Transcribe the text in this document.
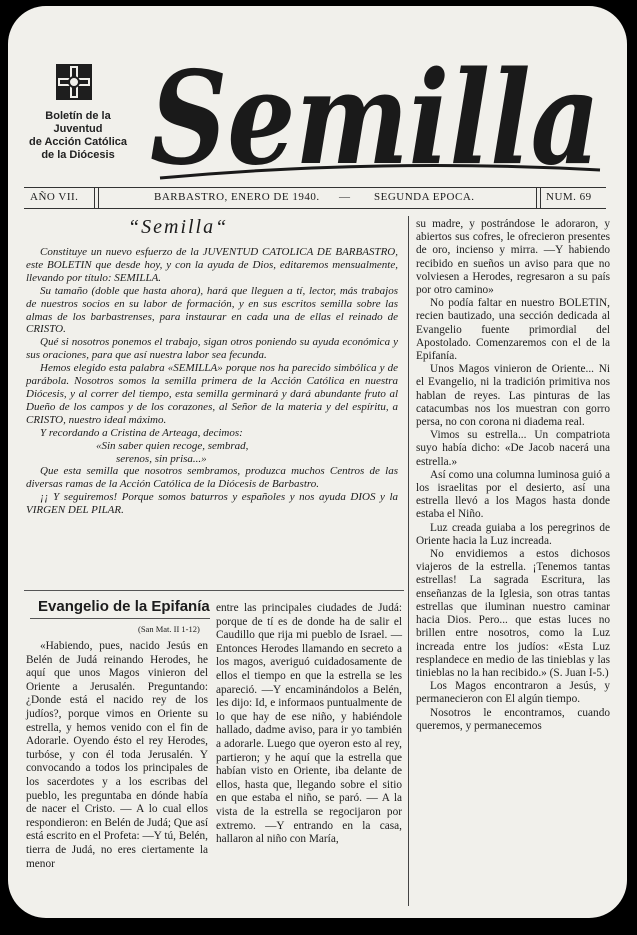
Boletín de la
Juventud
de Acción Católica
de la Diócesis Semilla
AÑO VII.	BARBASTRO, ENERO DE 1940. — SEGUNDA EPOCA.	NUM. 69
“Semilla“

Constituye un nuevo esfuerzo de la JUVENTUD CATOLICA DE BARBASTRO, este BOLETIN que desde hoy, y con la ayuda de Dios, editaremos mensualmente, llevando por título: SEMILLA.

Su tamaño (doble que hasta ahora), hará que lleguen a tí, lector, más trabajos de nuestros socios en su labor de formación, y en sus escritos semilla sobre las almas de los barbastrenses, para instaurar en cada una de ellas el reinado de CRISTO.

Qué si nosotros ponemos el trabajo, sigan otros poniendo su ayuda económica y sus oraciones, para que así nuestra labor sea fecunda.

Hemos elegido esta palabra «SEMILLA» porque nos ha parecido simbólica y de parábola. Nosotros somos la semilla primera de la Acción Católica en nuestra Diócesis, y al correr del tiempo, esta semilla germinará y dará abundante fruto al Dueño de los campos y de los corazones, al Señor de la materia y del espíritu, a CRISTO, nuestro ideal máximo.

Y recordando a Cristina de Arteaga, decimos:

«Sin saber quien recoge, sembrad,
serenos, sin prisa...»

Que esta semilla que nosotros sembramos, produzca muchos Centros de las diversas ramas de la Acción Católica de la Diócesis de Barbastro.

¡¡ Y seguiremos! Porque somos baturros y españoles y nos ayuda DIOS y la VIRGEN DEL PILAR.

Evangelio de la Epifanía
(San Mat. II 1-12)

«Habiendo, pues, nacido Jesús en Belén de Judá reinando Herodes, he aquí que unos Magos vinieron del Oriente a Jerusalén. Preguntando: ¿Donde está el nacido rey de los judíos?, porque vimos en Oriente su estrella, y hemos venido con el fin de Adorarle. Oyendo ésto el rey Herodes, turbóse, y con él toda Jerusalén. Y convocando a todos los principales de los sacerdotes y a los escribas del pueblo, les preguntaba en dónde había de nacer el Cristo. — A lo cual ellos respondieron: en Belén de Judá; Que así está escrito en el Profeta: —Y tú, Belén, tierra de Judá, no eres ciertamente la menor

entre las principales ciudades de Judá: porque de tí es de donde ha de salir el Caudillo que rija mi pueblo de Israel. — Entonces Herodes llamando en secreto a los magos, averiguó cuidadosamente de ellos el tiempo en que la estrella se les apareció. —Y encaminándolos a Belén, les dijo: Id, e informaos puntualmente de lo que hay de ese niño, y habiéndole hallado, dadme aviso, para ir yo también a adorarle. Luego que oyeron esto al rey, partieron; y he aquí que la estrella que habían visto en Oriente, iba delante de ellos, hasta que, llegando sobre el sitio en que estaba el niño, se paró. — A la vista de la estrella se regocijaron por extremo. —Y entrando en la casa, hallaron al niño con María,

su madre, y postrándose le adoraron, y abiertos sus cofres, le ofrecieron presentes de oro, incienso y mirra. —Y habiendo recibido en sueños un aviso para que no volviesen a Herodes, regresaron a su país por otro camino»

No podía faltar en nuestro BOLETIN, recien bautizado, una sección dedicada al Evangelio fuente primordial del Apostolado. Comenzaremos con el de la Epifanía.

Unos Magos vinieron de Oriente... Ni el Evangelio, ni la tradición primitiva nos hablan de reyes. Las pinturas de las catacumbas nos los muestran con gorro persa, no con corona ni diadema real.

Vimos su estrella... Un compatriota suyo había dicho: «De Jacob nacerá una estrella.»

Así como una columna luminosa guió a los israelitas por el desierto, así una estrella llevó a los Magos hasta donde estaba el Niño.

Luz creada guiaba a los peregrinos de Oriente hacia la Luz increada.

No envidiemos a estos dichosos viajeros de la estrella. ¡Tenemos tantas estrellas! La sagrada Escritura, las enseñanzas de la Iglesia, son otras tantas estrellas que iluminan nuestro caminar hacia Dios. Pero... que estas luces no brillen entre nosotros, como la Luz increada entre los judíos: «Esta Luz resplandece en medio de las tinieblas y las tinieblas no la han recibido.» (S. Juan I-5.)

Los Magos encontraron a Jesús, y permanecieron con El algún tiempo.

Nosotros le encontramos, cuando queremos, y permanecemos
